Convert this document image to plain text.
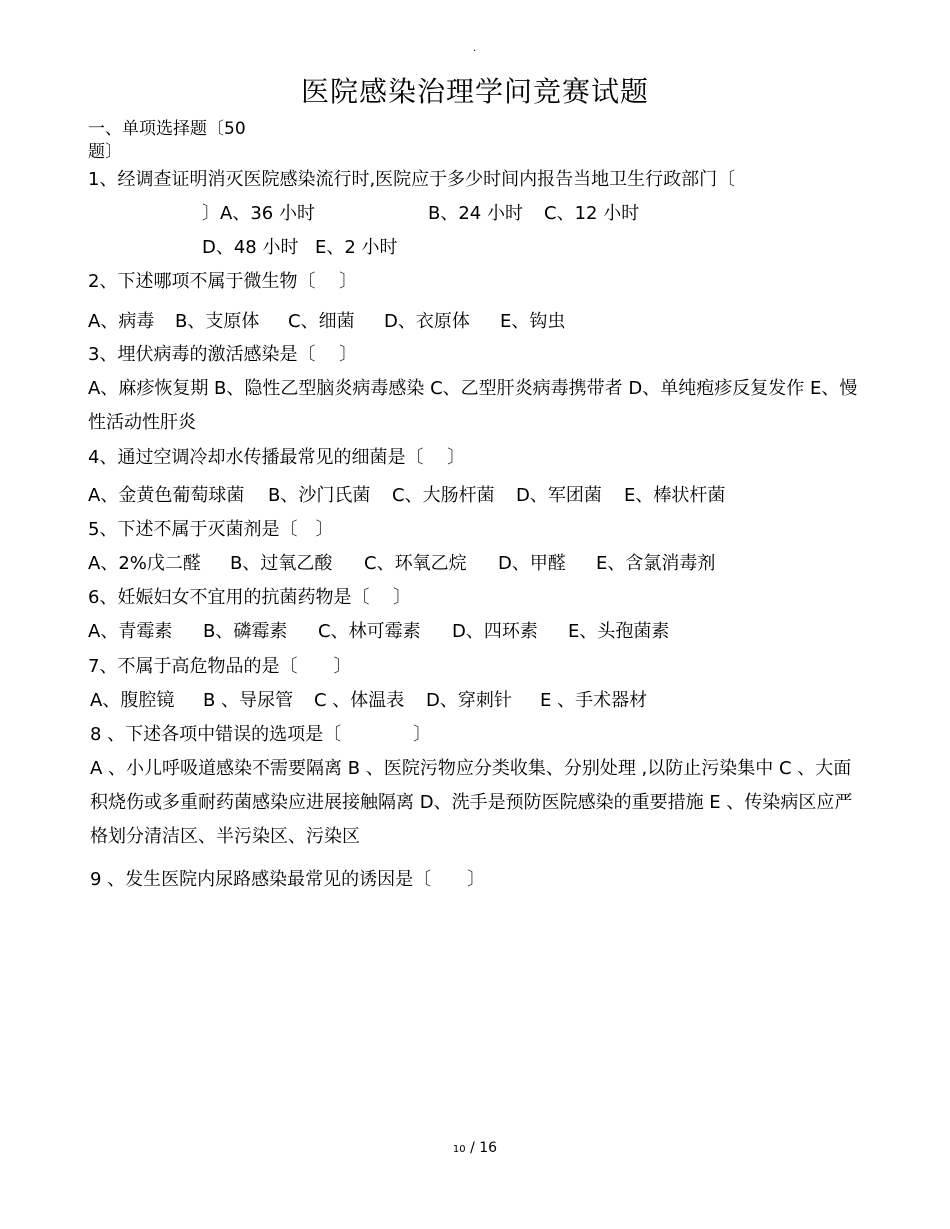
.
医院感染治理学问竞赛试题
一、单项选择题〔50
题〕
1、经调查证明消灭医院感染流行时,医院应于多少时间内报告当地卫生行政部门〔
〕A、36 小时	B、24 小时 C、12 小时
D、48 小时 E、2 小时
2、下述哪项不属于微生物〔　 〕
A、病毒 B、支原体 C、细菌 D、衣原体 E、钩虫
3、埋伏病毒的激活感染是〔　 〕
A、麻疹恢复期 B、隐性乙型脑炎病毒感染 C、乙型肝炎病毒携带者 D、单纯疱疹反复发作 E、慢性活动性肝炎
4、通过空调冷却水传播最常见的细菌是〔　 〕
A、金黄色葡萄球菌 B、沙门氏菌 C、大肠杆菌 D、军团菌 E、棒状杆菌
5、下述不属于灭菌剂是〔　〕
A、2%戊二醛 B、过氧乙酸 C、环氧乙烷 D、甲醛 E、含氯消毒剂
6、妊娠妇女不宜用的抗菌药物是〔　 〕
A、青霉素 B、磷霉素 C、林可霉素 D、四环素 E、头孢菌素
7、不属于高危物品的是〔　　〕
A、腹腔镜 B 、导尿管 C 、体温表 D、穿刺针 E 、手术器材
8 、下述各项中错误的选项是〔　　　　〕
A 、小儿呼吸道感染不需要隔离 B 、医院污物应分类收集、分别处理 ,以防止污染集中 C 、大面积烧伤或多重耐药菌感染应进展接触隔离 D、洗手是预防医院感染的重要措施 E 、传染病区应严格划分清洁区、半污染区、污染区
9 、发生医院内尿路感染最常见的诱因是〔　　〕
10 / 16
